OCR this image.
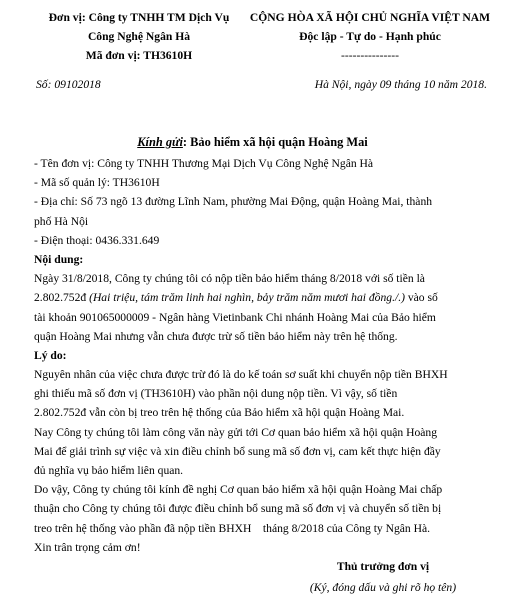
Đơn vị: Công ty TNHH TM Dịch Vụ
Công Nghệ Ngân Hà
Mã đơn vị: TH3610H
CỘNG HÒA XÃ HỘI CHỦ NGHĨA VIỆT NAM
Độc lập - Tự do - Hạnh phúc
---------------
Số: 09102018	Hà Nội, ngày 09 tháng 10 năm 2018.
Kính gửi: Bảo hiểm xã hội quận Hoàng Mai
- Tên đơn vị: Công ty TNHH Thương Mại Dịch Vụ Công Nghệ Ngân Hà
- Mã số quản lý: TH3610H
- Địa chỉ: Số 73 ngõ 13 đường Lĩnh Nam, phường Mai Động, quận Hoàng Mai, thành
phố Hà Nội
- Điện thoại: 0436.331.649
Nội dung:
Ngày 31/8/2018, Công ty chúng tôi có nộp tiền bảo hiểm tháng 8/2018 với số tiền là
2.802.752đ (Hai triệu, tám trăm linh hai nghìn, bảy trăm năm mươi hai đồng./.) vào số
tài khoản 901065000009 - Ngân hàng Vietinbank Chi nhánh Hoàng Mai của Bảo hiểm
quận Hoàng Mai nhưng vẫn chưa được trừ số tiền bảo hiểm này trên hệ thống.
Lý do:
Nguyên nhân của việc chưa được trừ đó là do kế toán sơ suất khi chuyển nộp tiền BHXH
ghi thiếu mã số đơn vị (TH3610H) vào phần nội dung nộp tiền. Vì vậy, số tiền
2.802.752đ vẫn còn bị treo trên hệ thống của Bảo hiểm xã hội quận Hoàng Mai.
Nay Công ty chúng tôi làm công văn này gửi tới Cơ quan bảo hiểm xã hội quận Hoàng
Mai để giải trình sự việc và xin điều chỉnh bổ sung mã số đơn vị, cam kết thực hiện đầy
đủ nghĩa vụ bảo hiểm liên quan.
Do vậy, Công ty chúng tôi kính đề nghị Cơ quan bảo hiểm xã hội quận Hoàng Mai chấp
thuận cho Công ty chúng tôi được điều chỉnh bổ sung mã số đơn vị và chuyển số tiền bị
treo trên hệ thống vào phần đã nộp tiền BHXH    tháng 8/2018 của Công ty Ngân Hà.
Xin trân trọng cảm ơn!
Thủ trưởng đơn vị
(Ký, đóng dấu và ghi rõ họ tên)
